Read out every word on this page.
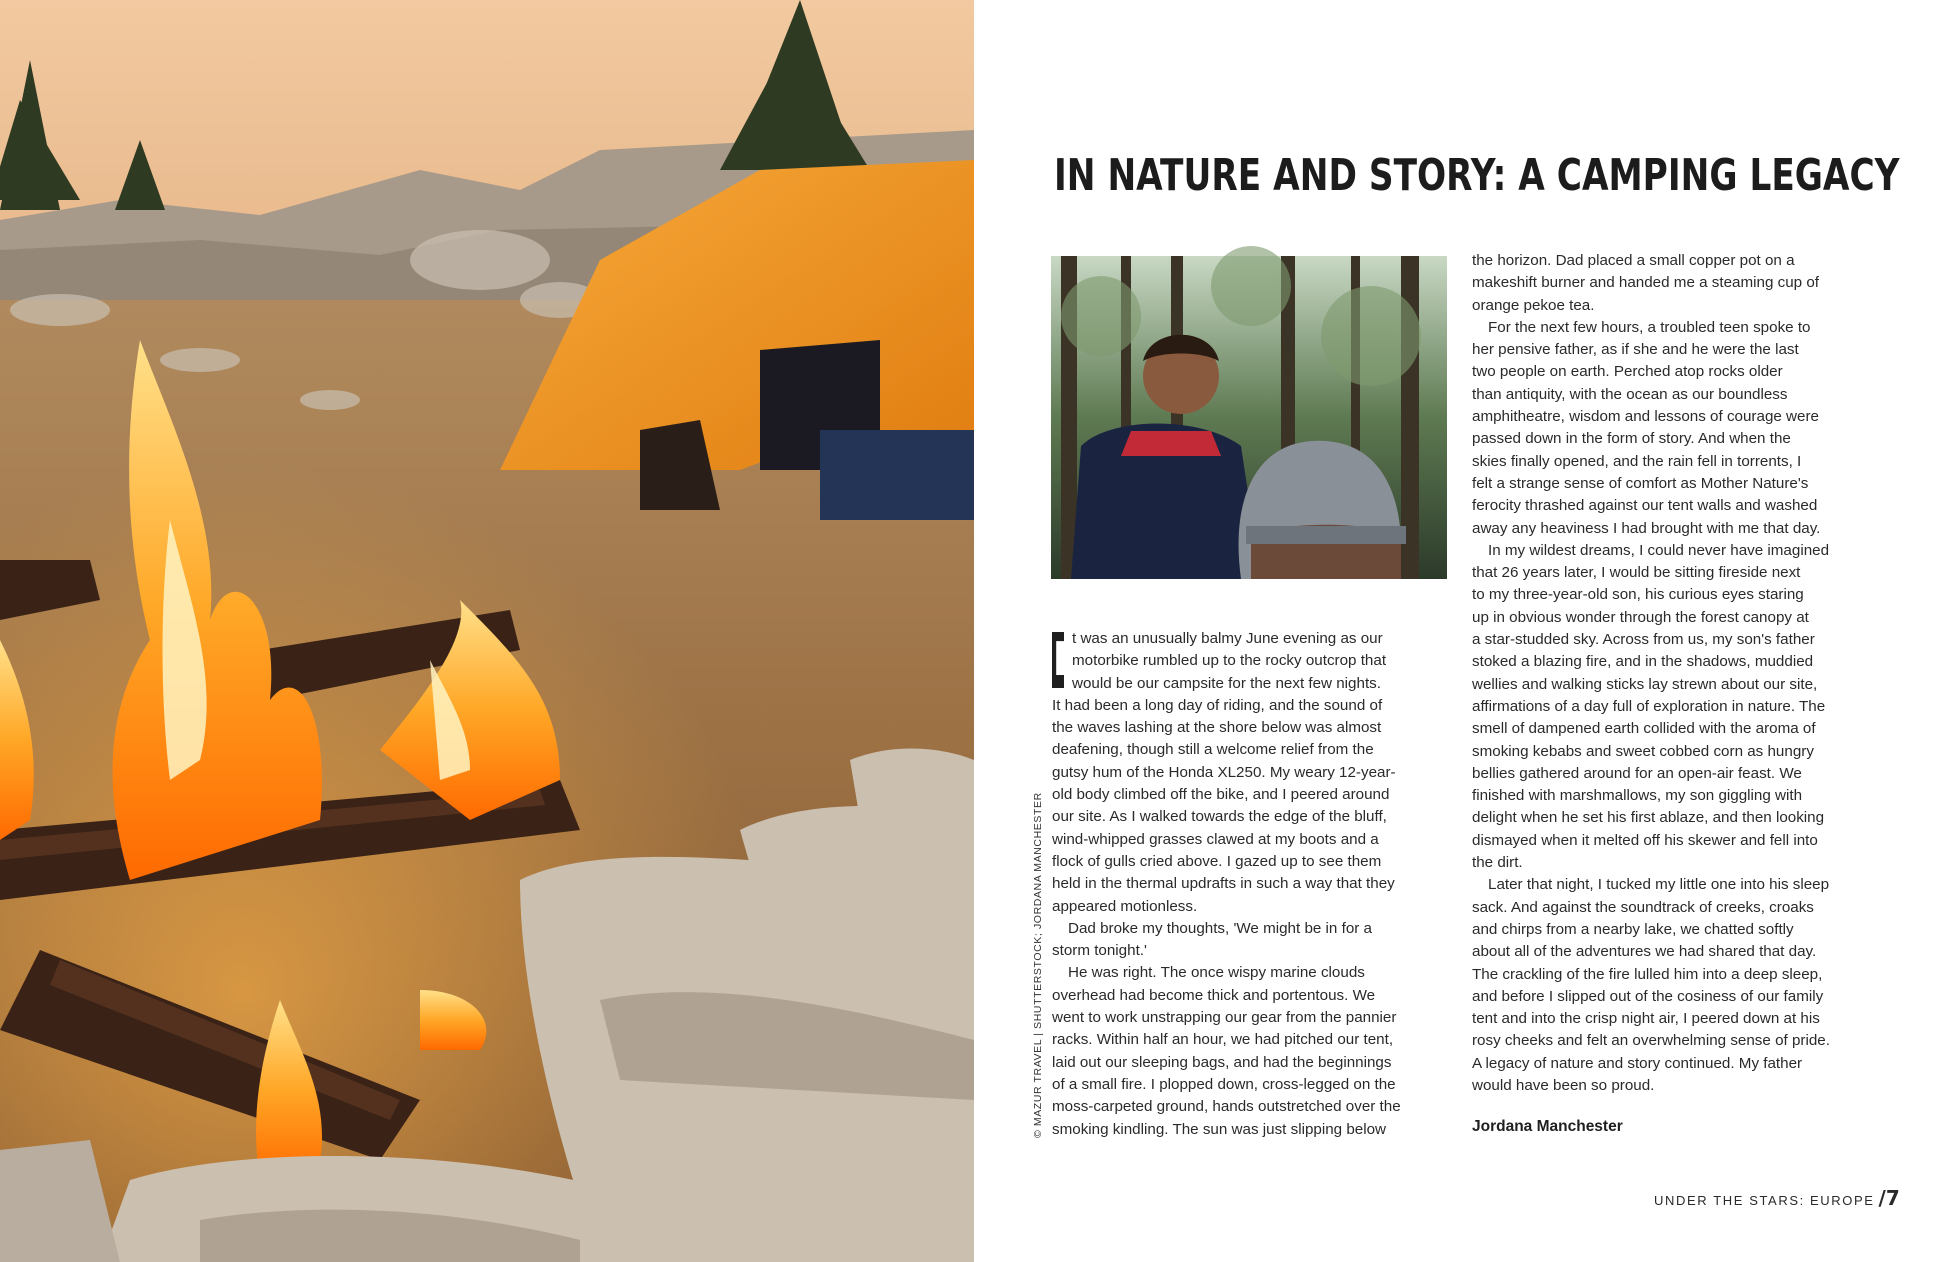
IN NATURE AND STORY: A CAMPING LEGACY
© MAZUR TRAVEL | SHUTTERSTOCK; JORDANA MANCHESTER
I t was an unusually balmy June evening as our
motorbike rumbled up to the rocky outcrop that
would be our campsite for the next few nights.
It had been a long day of riding, and the sound of
the waves lashing at the shore below was almost
deafening, though still a welcome relief from the
gutsy hum of the Honda XL250. My weary 12-year-
old body climbed off the bike, and I peered around
our site. As I walked towards the edge of the bluff,
wind-whipped grasses clawed at my boots and a
flock of gulls cried above. I gazed up to see them
held in the thermal updrafts in such a way that they
appeared motionless.

Dad broke my thoughts, 'We might be in for a
storm tonight.'

He was right. The once wispy marine clouds
overhead had become thick and portentous. We
went to work unstrapping our gear from the pannier
racks. Within half an hour, we had pitched our tent,
laid out our sleeping bags, and had the beginnings
of a small fire. I plopped down, cross-legged on the
moss-carpeted ground, hands outstretched over the
smoking kindling. The sun was just slipping below

the horizon. Dad placed a small copper pot on a
makeshift burner and handed me a steaming cup of
orange pekoe tea.

For the next few hours, a troubled teen spoke to
her pensive father, as if she and he were the last
two people on earth. Perched atop rocks older
than antiquity, with the ocean as our boundless
amphitheatre, wisdom and lessons of courage were
passed down in the form of story. And when the
skies finally opened, and the rain fell in torrents, I
felt a strange sense of comfort as Mother Nature's
ferocity thrashed against our tent walls and washed
away any heaviness I had brought with me that day.

In my wildest dreams, I could never have imagined
that 26 years later, I would be sitting fireside next
to my three-year-old son, his curious eyes staring
up in obvious wonder through the forest canopy at
a star-studded sky. Across from us, my son's father
stoked a blazing fire, and in the shadows, muddied
wellies and walking sticks lay strewn about our site,
affirmations of a day full of exploration in nature. The
smell of dampened earth collided with the aroma of
smoking kebabs and sweet cobbed corn as hungry
bellies gathered around for an open-air feast. We
finished with marshmallows, my son giggling with
delight when he set his first ablaze, and then looking
dismayed when it melted off his skewer and fell into
the dirt.

Later that night, I tucked my little one into his sleep
sack. And against the soundtrack of creeks, croaks
and chirps from a nearby lake, we chatted softly
about all of the adventures we had shared that day.
The crackling of the fire lulled him into a deep sleep,
and before I slipped out of the cosiness of our family
tent and into the crisp night air, I peered down at his
rosy cheeks and felt an overwhelming sense of pride.
A legacy of nature and story continued. My father
would have been so proud.

Jordana Manchester
UNDER THE STARS: EUROPE /7
